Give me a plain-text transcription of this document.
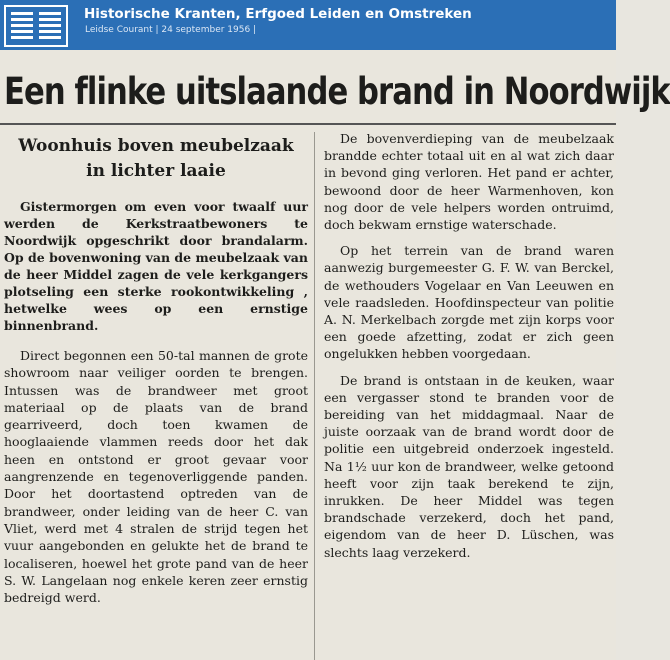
Historische Kranten, Erfgoed Leiden en Omstreken
Leidse Courant | 24 september 1956 |
Een flinke uitslaande brand in Noordwijk
Woonhuis boven meubelzaak
in lichter laaie

Gistermorgen om even voor twaalf uur werden de Kerkstraatbewoners te Noordwijk opgeschrikt door brandalarm. Op de bovenwoning van de meubelzaak van de heer Middel zagen de vele kerkgangers plotseling een sterke rookontwikkeling , hetwelke wees op een ernstige binnenbrand.

Direct begonnen een 50-tal mannen de grote showroom naar veiliger oorden te brengen. Intussen was de brandweer met groot materiaal op de plaats van de brand gearriveerd, doch toen kwamen de hooglaaiende vlammen reeds door het dak heen en ontstond er groot gevaar voor aangrenzende en tegenoverliggende panden. Door het doortastend optreden van de brandweer, onder leiding van de heer C. van Vliet, werd met 4 stralen de strijd tegen het vuur aangebonden en gelukte het de brand te localiseren, hoewel het grote pand van de heer S. W. Langelaan nog enkele keren zeer ernstig bedreigd werd.

De bovenverdieping van de meubelzaak brandde echter totaal uit en al wat zich daar in bevond ging verloren. Het pand er achter, bewoond door de heer Warmenhoven, kon nog door de vele helpers worden ontruimd, doch bekwam ernstige waterschade.

Op het terrein van de brand waren aanwezig burgemeester G. F. W. van Berckel, de wethouders Vogelaar en Van Leeuwen en vele raadsleden. Hoofdinspecteur van politie A. N. Merkelbach zorgde met zijn korps voor een goede afzetting, zodat er zich geen ongelukken hebben voorgedaan.

De brand is ontstaan in de keuken, waar een vergasser stond te branden voor de bereiding van het middagmaal. Naar de juiste oorzaak van de brand wordt door de politie een uitgebreid onderzoek ingesteld. Na 1½ uur kon de brandweer, welke getoond heeft voor zijn taak berekend te zijn, inrukken. De heer Middel was tegen brandschade verzekerd, doch het pand, eigendom van de heer D. Lüschen, was slechts laag verzekerd.
